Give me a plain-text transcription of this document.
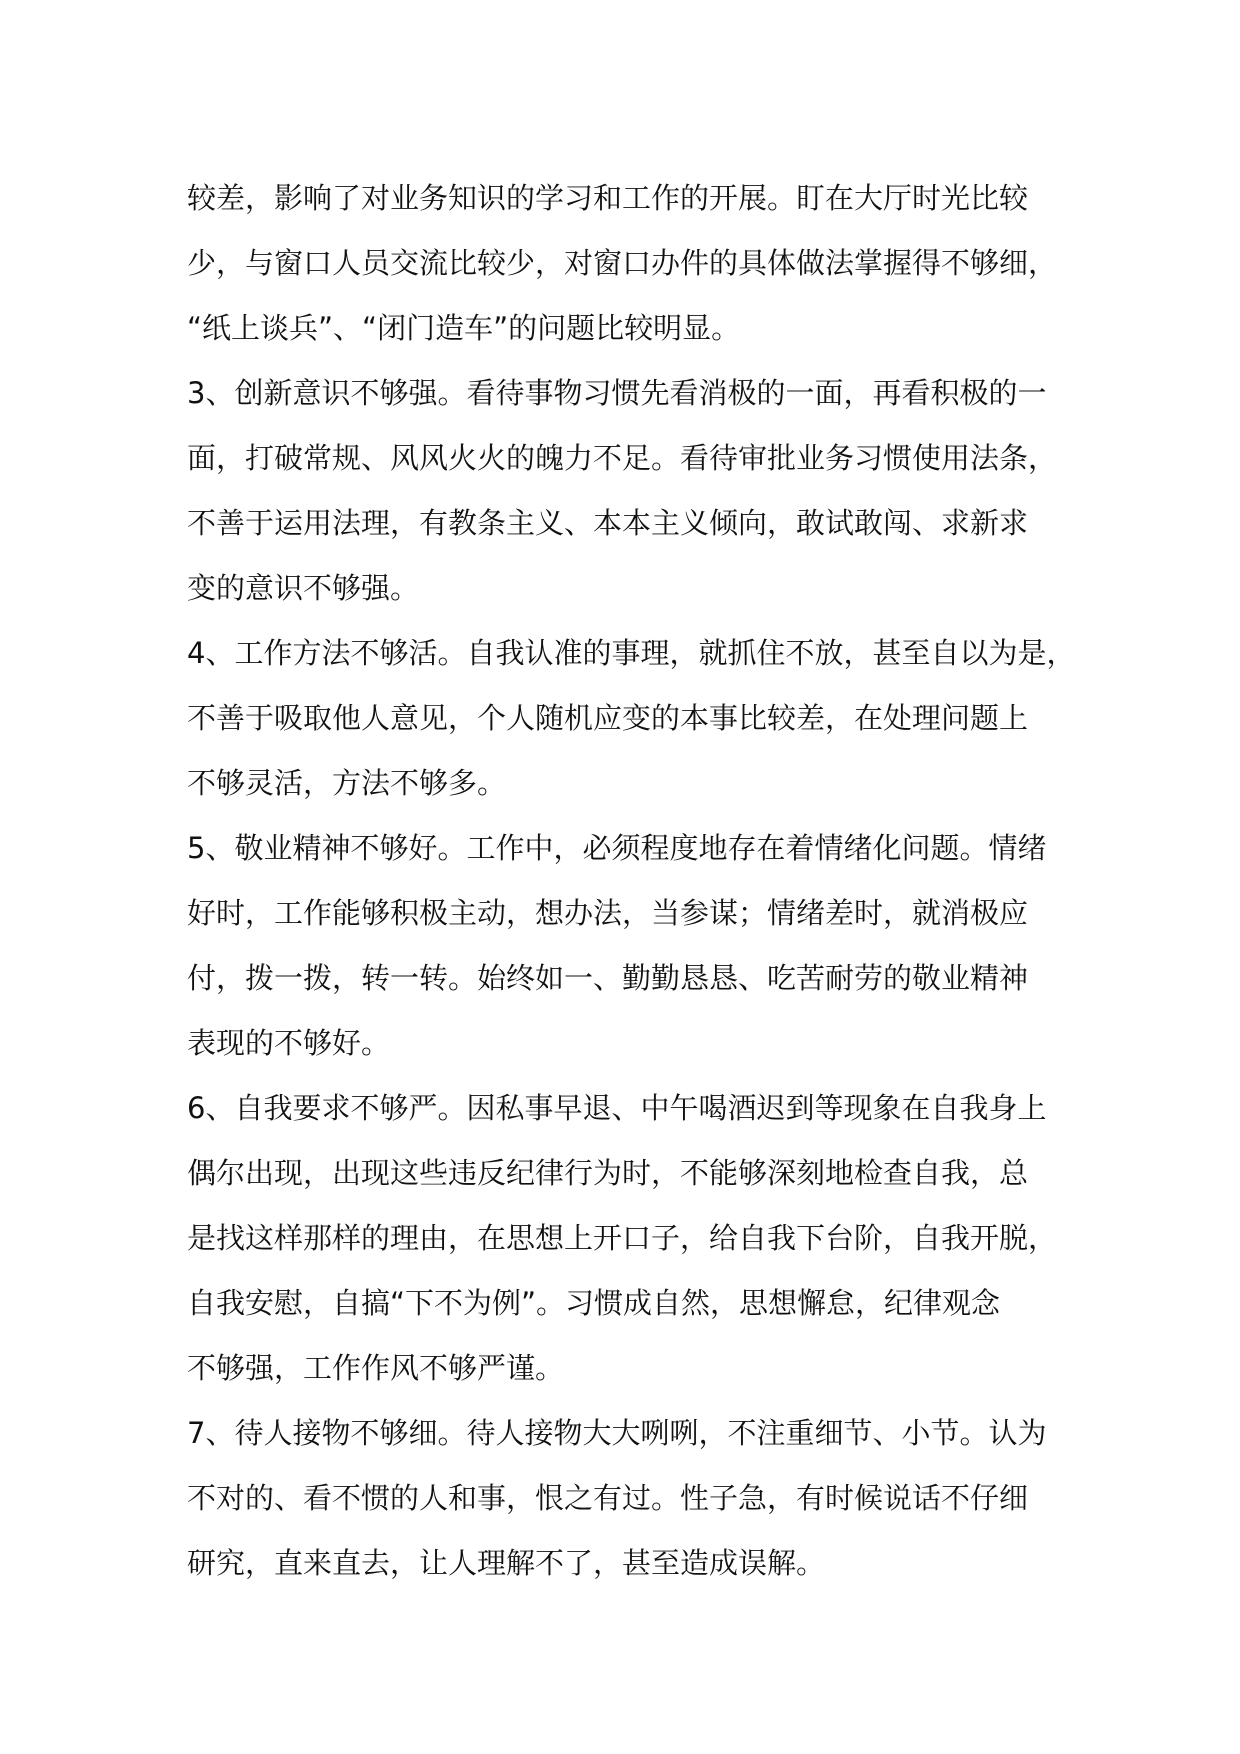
较差，影响了对业务知识的学习和工作的开展。盯在大厅时光比较
少，与窗口人员交流比较少，对窗口办件的具体做法掌握得不够细，
“纸上谈兵”、“闭门造车”的问题比较明显。
3、创新意识不够强。看待事物习惯先看消极的一面，再看积极的一
面，打破常规、风风火火的魄力不足。看待审批业务习惯使用法条，
不善于运用法理，有教条主义、本本主义倾向，敢试敢闯、求新求
变的意识不够强。
4、工作方法不够活。自我认准的事理，就抓住不放，甚至自以为是，
不善于吸取他人意见，个人随机应变的本事比较差，在处理问题上
不够灵活，方法不够多。
5、敬业精神不够好。工作中，必须程度地存在着情绪化问题。情绪
好时，工作能够积极主动，想办法，当参谋；情绪差时，就消极应
付，拨一拨，转一转。始终如一、勤勤恳恳、吃苦耐劳的敬业精神
表现的不够好。
6、自我要求不够严。因私事早退、中午喝酒迟到等现象在自我身上
偶尔出现，出现这些违反纪律行为时，不能够深刻地检查自我，总
是找这样那样的理由，在思想上开口子，给自我下台阶，自我开脱，
自我安慰，自搞“下不为例”。习惯成自然，思想懈怠，纪律观念
不够强，工作作风不够严谨。
7、待人接物不够细。待人接物大大咧咧，不注重细节、小节。认为
不对的、看不惯的人和事，恨之有过。性子急，有时候说话不仔细
研究，直来直去，让人理解不了，甚至造成误解。
